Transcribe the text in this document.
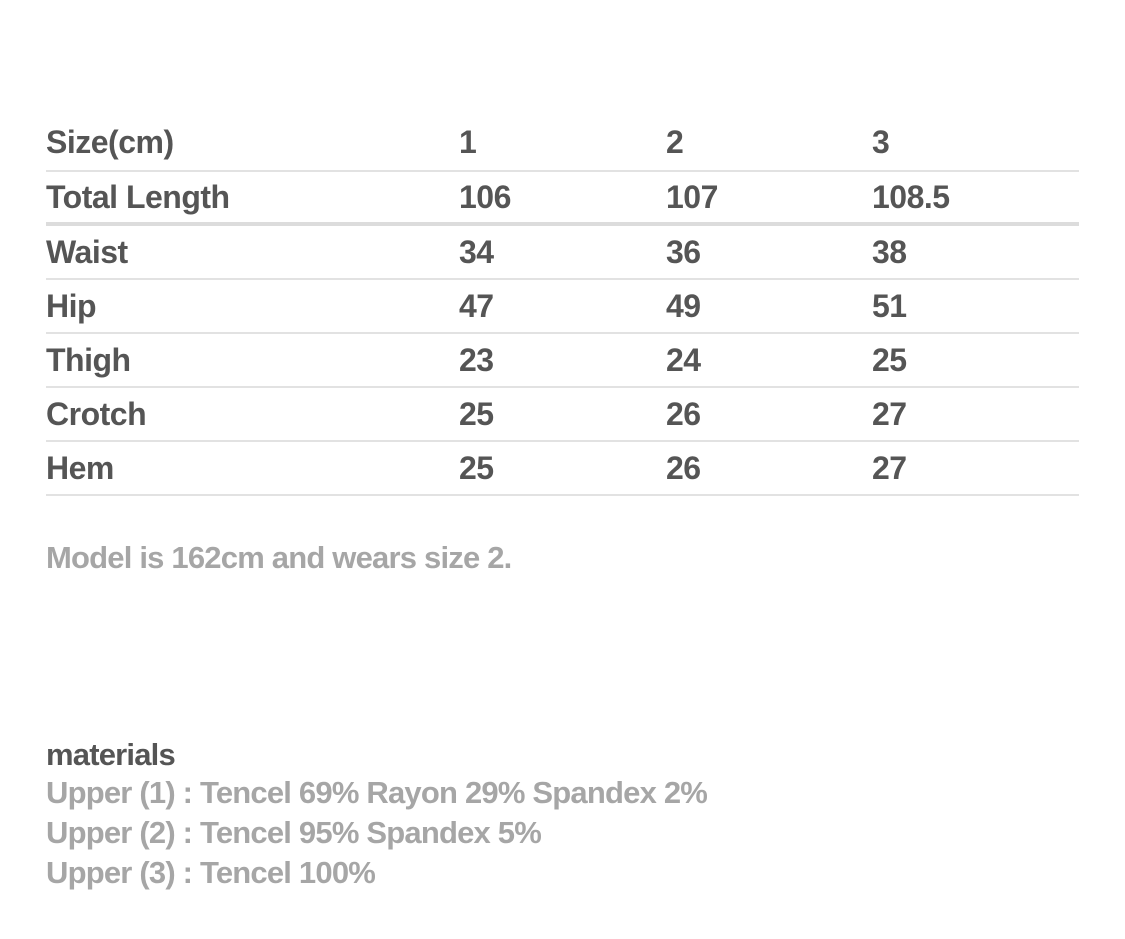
Size(cm)	1	2	3
Total Length	106	107	108.5
Waist	34	36	38
Hip	47	49	51
Thigh	23	24	25
Crotch	25	26	27
Hem	25	26	27

Model is 162cm and wears size 2.

materials
Upper (1) : Tencel 69% Rayon 29% Spandex 2%
Upper (2) : Tencel 95% Spandex 5%
Upper (3) : Tencel 100%
